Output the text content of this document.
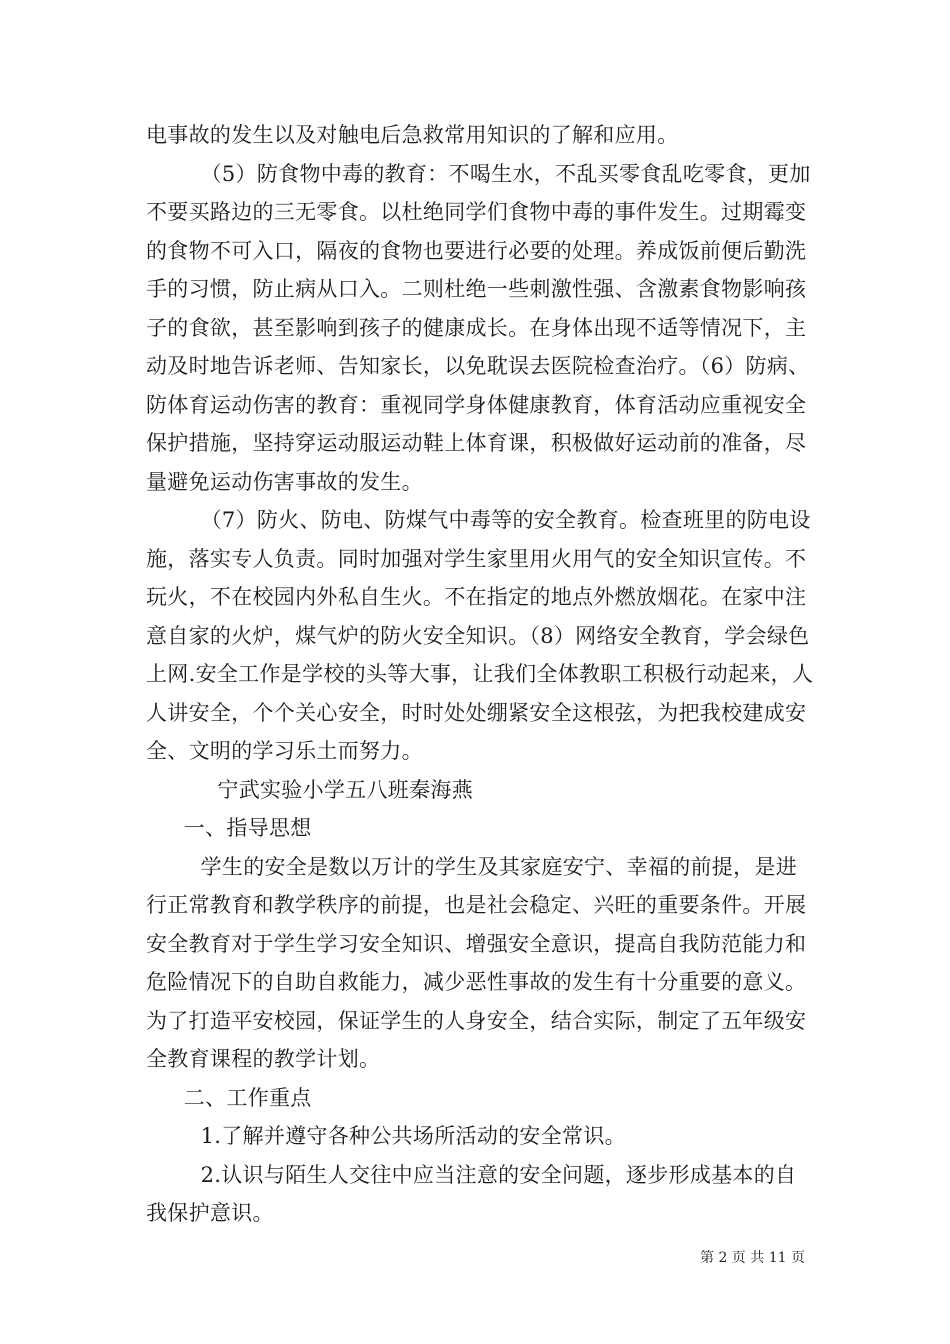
电事故的发生以及对触电后急救常用知识的了解和应用。

（5）防食物中毒的教育：不喝生水，不乱买零食乱吃零食，更加不要买路边的三无零食。以杜绝同学们食物中毒的事件发生。过期霉变的食物不可入口，隔夜的食物也要进行必要的处理。养成饭前便后勤洗手的习惯，防止病从口入。二则杜绝一些刺激性强、含激素食物影响孩子的食欲，甚至影响到孩子的健康成长。在身体出现不适等情况下，主动及时地告诉老师、告知家长，以免耽误去医院检查治疗。（6）防病、防体育运动伤害的教育：重视同学身体健康教育，体育活动应重视安全保护措施，坚持穿运动服运动鞋上体育课，积极做好运动前的准备，尽量避免运动伤害事故的发生。

（7）防火、防电、防煤气中毒等的安全教育。检查班里的防电设施，落实专人负责。同时加强对学生家里用火用气的安全知识宣传。不玩火，不在校园内外私自生火。不在指定的地点外燃放烟花。在家中注意自家的火炉，煤气炉的防火安全知识。（8）网络安全教育，学会绿色上网.安全工作是学校的头等大事，让我们全体教职工积极行动起来，人人讲安全，个个关心安全，时时处处绷紧安全这根弦，为把我校建成安全、文明的学习乐土而努力。

宁武实验小学五八班秦海燕

一、指导思想

学生的安全是数以万计的学生及其家庭安宁、幸福的前提，是进行正常教育和教学秩序的前提，也是社会稳定、兴旺的重要条件。开展安全教育对于学生学习安全知识、增强安全意识，提高自我防范能力和危险情况下的自助自救能力，减少恶性事故的发生有十分重要的意义。为了打造平安校园，保证学生的人身安全，结合实际，制定了五年级安全教育课程的教学计划。

二、工作重点

1.了解并遵守各种公共场所活动的安全常识。

2.认识与陌生人交往中应当注意的安全问题，逐步形成基本的自我保护意识。

第 2 页 共 11 页
